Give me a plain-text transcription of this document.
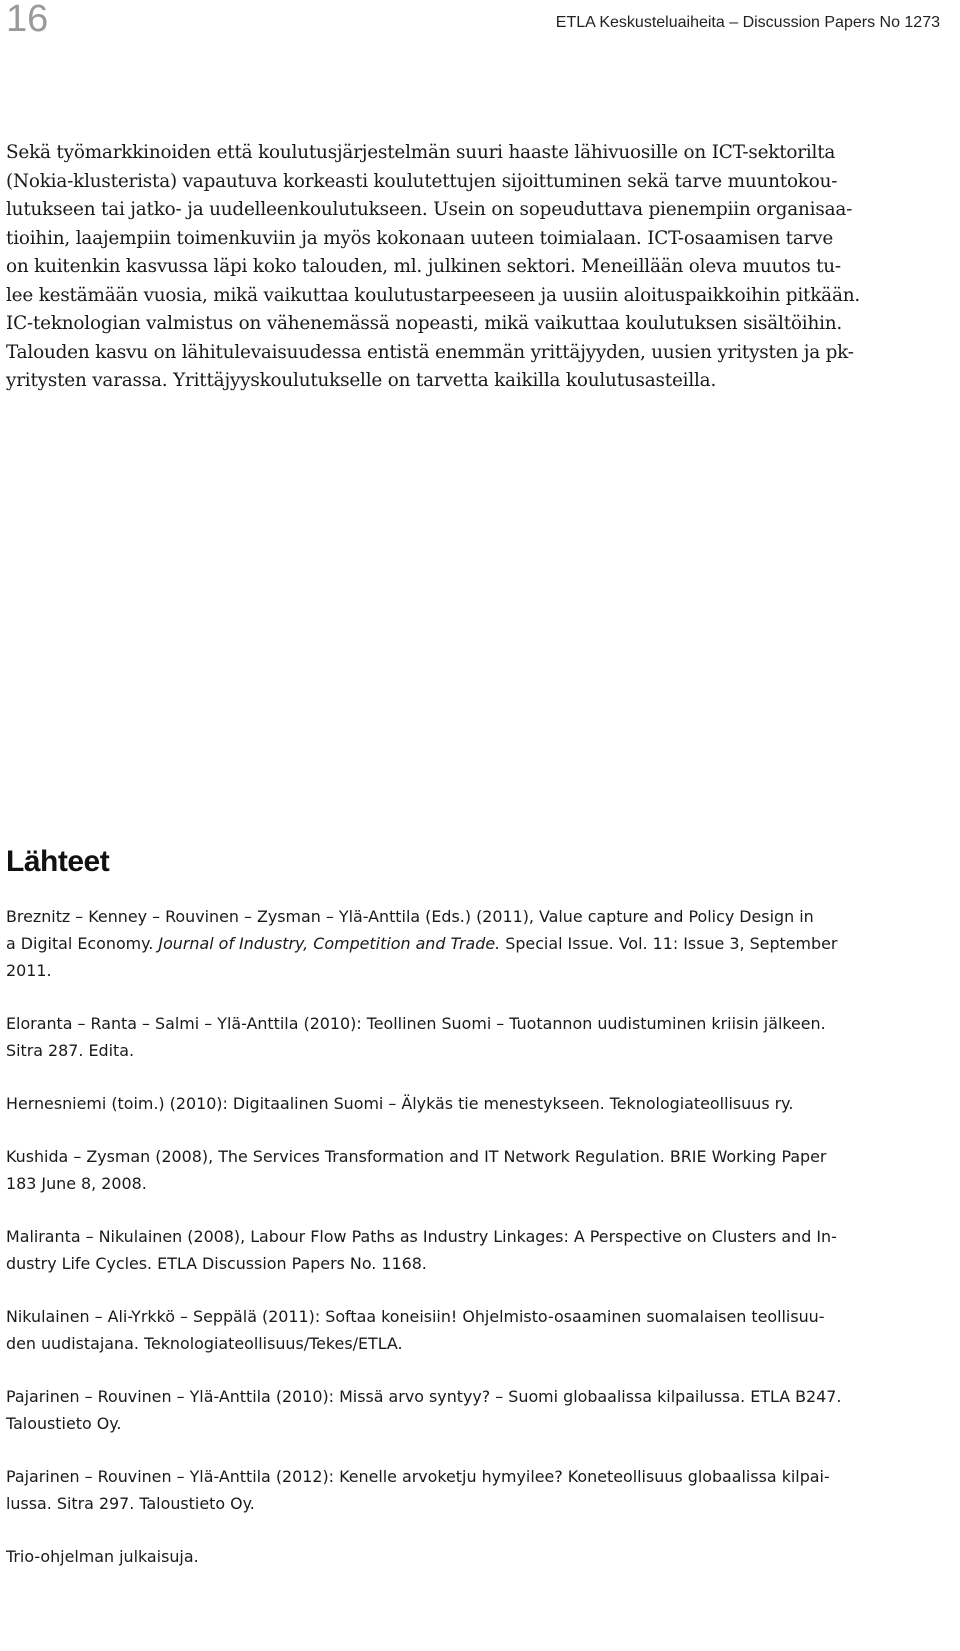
16	ETLA Keskusteluaiheita – Discussion Papers No 1273
Sekä työmarkkinoiden että koulutusjärjestelmän suuri haaste lähivuosille on ICT-sektorilta
(Nokia-klusterista) vapautuva korkeasti koulutettujen sijoittuminen sekä tarve muuntokou-
lutukseen tai jatko- ja uudelleenkoulutukseen. Usein on sopeuduttava pienempiin organisaa-
tioihin, laajempiin toimenkuviin ja myös kokonaan uuteen toimialaan. ICT-osaamisen tarve
on kuitenkin kasvussa läpi koko talouden, ml. julkinen sektori. Meneillään oleva muutos tu-
lee kestämään vuosia, mikä vaikuttaa koulutustarpeeseen ja uusiin aloituspaikkoihin pitkään.
IC-teknologian valmistus on vähenemässä nopeasti, mikä vaikuttaa koulutuksen sisältöihin.
Talouden kasvu on lähitulevaisuudessa entistä enemmän yrittäjyyden, uusien yritysten ja pk-
yritysten varassa. Yrittäjyyskoulutukselle on tarvetta kaikilla koulutusasteilla.
Lähteet
Breznitz – Kenney – Rouvinen – Zysman – Ylä-Anttila (Eds.) (2011), Value capture and Policy Design in
a Digital Economy. Journal of Industry, Competition and Trade. Special Issue. Vol. 11: Issue 3, September
2011.
Eloranta – Ranta – Salmi – Ylä-Anttila (2010): Teollinen Suomi – Tuotannon uudistuminen kriisin jälkeen.
Sitra 287. Edita.
Hernesniemi (toim.) (2010): Digitaalinen Suomi – Älykäs tie menestykseen. Teknologiateollisuus ry.
Kushida – Zysman (2008), The Services Transformation and IT Network Regulation. BRIE Working Paper
183 June 8, 2008.
Maliranta – Nikulainen (2008), Labour Flow Paths as Industry Linkages: A Perspective on Clusters and In-
dustry Life Cycles. ETLA Discussion Papers No. 1168.
Nikulainen – Ali-Yrkkö – Seppälä (2011): Softaa koneisiin! Ohjelmisto-osaaminen suomalaisen teollisuu-
den uudistajana. Teknologiateollisuus/Tekes/ETLA.
Pajarinen – Rouvinen – Ylä-Anttila (2010): Missä arvo syntyy? – Suomi globaalissa kilpailussa. ETLA B247.
Taloustieto Oy.
Pajarinen – Rouvinen – Ylä-Anttila (2012): Kenelle arvoketju hymyilee? Koneteollisuus globaalissa kilpai-
lussa. Sitra 297. Taloustieto Oy.
Trio-ohjelman julkaisuja.
